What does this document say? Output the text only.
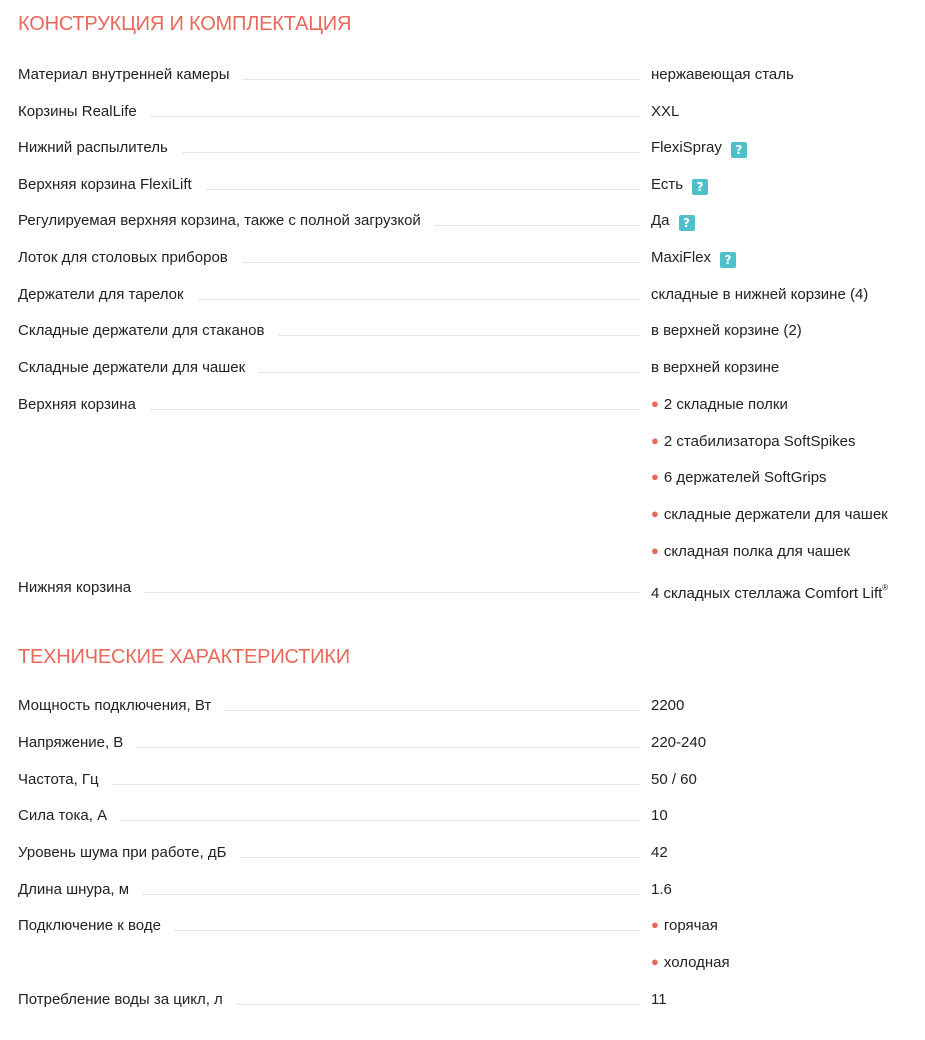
КОНСТРУКЦИЯ И КОМПЛЕКТАЦИЯ
Материал внутренней камеры	нержавеющая сталь
Корзины RealLife	XXL
Нижний распылитель	FlexiSpray ?
Верхняя корзина FlexiLift	Есть ?
Регулируемая верхняя корзина, также с полной загрузкой	Да ?
Лоток для столовых приборов	MaxiFlex ?
Держатели для тарелок	складные в нижней корзине (4)
Складные держатели для стаканов	в верхней корзине (2)
Складные держатели для чашек	в верхней корзине
Верхняя корзина	● 2 складные полки
● 2 стабилизатора SoftSpikes
● 6 держателей SoftGrips
● складные держатели для чашек
● складная полка для чашек
Нижняя корзина	4 складных стеллажа Comfort Lift®
ТЕХНИЧЕСКИЕ ХАРАКТЕРИСТИКИ
Мощность подключения, Вт	2200
Напряжение, В	220-240
Частота, Гц	50 / 60
Сила тока, А	10
Уровень шума при работе, дБ	42
Длина шнура, м	1.6
Подключение к воде	● горячая
● холодная
Потребление воды за цикл, л	11
